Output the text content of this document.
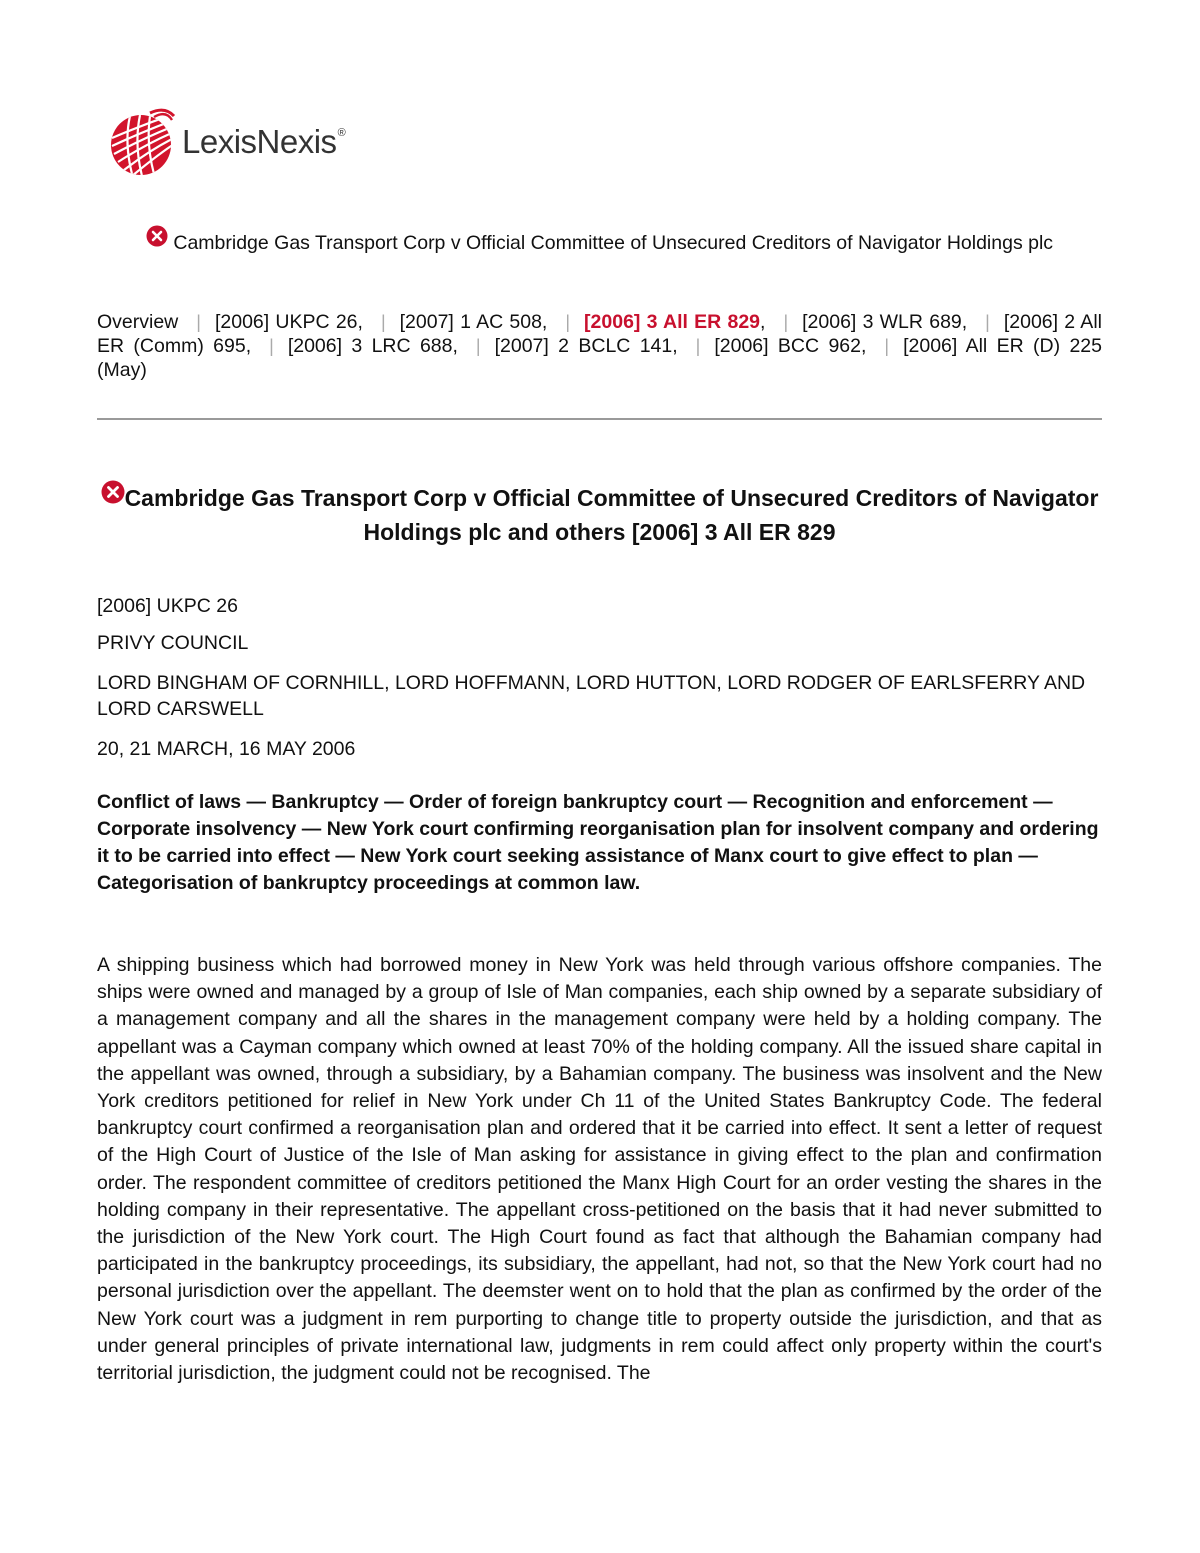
LexisNexis®
Cambridge Gas Transport Corp v Official Committee of Unsecured Creditors of Navigator Holdings plc
Overview | [2006] UKPC 26, | [2007] 1 AC 508, | [2006] 3 All ER 829, | [2006] 3 WLR 689, | [2006] 2 All ER (Comm) 695, | [2006] 3 LRC 688, | [2007] 2 BCLC 141, | [2006] BCC 962, | [2006] All ER (D) 225 (May)
Cambridge Gas Transport Corp v Official Committee of Unsecured Creditors of Navigator Holdings plc and others [2006] 3 All ER 829

[2006] UKPC 26

PRIVY COUNCIL

LORD BINGHAM OF CORNHILL, LORD HOFFMANN, LORD HUTTON, LORD RODGER OF EARLSFERRY AND LORD CARSWELL

20, 21 MARCH, 16 MAY 2006

Conflict of laws — Bankruptcy — Order of foreign bankruptcy court — Recognition and enforcement — Corporate insolvency — New York court confirming reorganisation plan for insolvent company and ordering it to be carried into effect — New York court seeking assistance of Manx court to give effect to plan — Categorisation of bankruptcy proceedings at common law.

A shipping business which had borrowed money in New York was held through various offshore companies. The ships were owned and managed by a group of Isle of Man companies, each ship owned by a separate subsidiary of a management company and all the shares in the management company were held by a holding company. The appellant was a Cayman company which owned at least 70% of the holding company. All the issued share capital in the appellant was owned, through a subsidiary, by a Bahamian company. The business was insolvent and the New York creditors petitioned for relief in New York under Ch 11 of the United States Bankruptcy Code. The federal bankruptcy court confirmed a reorganisation plan and ordered that it be carried into effect. It sent a letter of request of the High Court of Justice of the Isle of Man asking for assistance in giving effect to the plan and confirmation order. The respondent committee of creditors petitioned the Manx High Court for an order vesting the shares in the holding company in their representative. The appellant cross-petitioned on the basis that it had never submitted to the jurisdiction of the New York court. The High Court found as fact that although the Bahamian company had participated in the bankruptcy proceedings, its subsidiary, the appellant, had not, so that the New York court had no personal jurisdiction over the appellant. The deemster went on to hold that the plan as confirmed by the order of the New York court was a judgment in rem purporting to change title to property outside the jurisdiction, and that as under general principles of private international law, judgments in rem could affect only property within the court's territorial jurisdiction, the judgment could not be recognised. The
